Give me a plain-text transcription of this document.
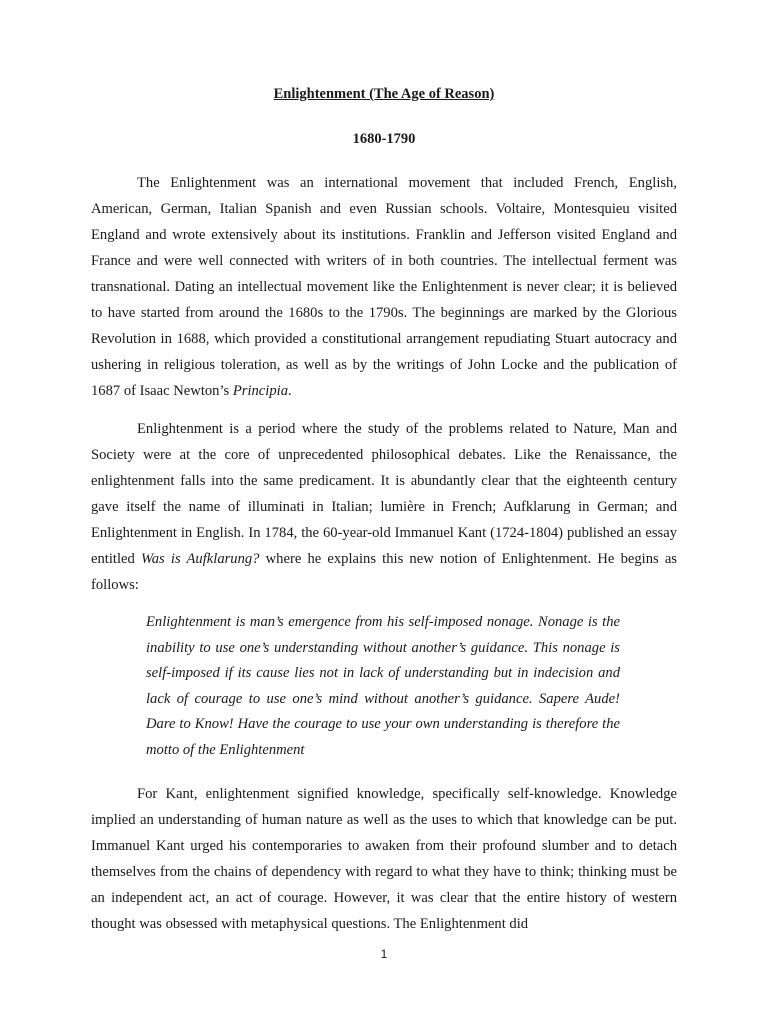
Enlightenment (The Age of Reason)
1680-1790

The Enlightenment was an international movement that included French, English, American, German, Italian Spanish and even Russian schools. Voltaire, Montesquieu visited England and wrote extensively about its institutions. Franklin and Jefferson visited England and France and were well connected with writers of in both countries. The intellectual ferment was transnational. Dating an intellectual movement like the Enlightenment is never clear; it is believed to have started from around the 1680s to the 1790s. The beginnings are marked by the Glorious Revolution in 1688, which provided a constitutional arrangement repudiating Stuart autocracy and ushering in religious toleration, as well as by the writings of John Locke and the publication of 1687 of Isaac Newton’s Principia.

Enlightenment is a period where the study of the problems related to Nature, Man and Society were at the core of unprecedented philosophical debates. Like the Renaissance, the enlightenment falls into the same predicament. It is abundantly clear that the eighteenth century gave itself the name of illuminati in Italian; lumière in French; Aufklarung in German; and Enlightenment in English. In 1784, the 60-year-old Immanuel Kant (1724-1804) published an essay entitled Was is Aufklarung? where he explains this new notion of Enlightenment. He begins as follows:

Enlightenment is man’s emergence from his self-imposed nonage. Nonage is the inability to use one’s understanding without another’s guidance. This nonage is self-imposed if its cause lies not in lack of understanding but in indecision and lack of courage to use one’s mind without another’s guidance. Sapere Aude! Dare to Know! Have the courage to use your own understanding is therefore the motto of the Enlightenment

For Kant, enlightenment signified knowledge, specifically self-knowledge. Knowledge implied an understanding of human nature as well as the uses to which that knowledge can be put. Immanuel Kant urged his contemporaries to awaken from their profound slumber and to detach themselves from the chains of dependency with regard to what they have to think; thinking must be an independent act, an act of courage. However, it was clear that the entire history of western thought was obsessed with metaphysical questions. The Enlightenment did

1
